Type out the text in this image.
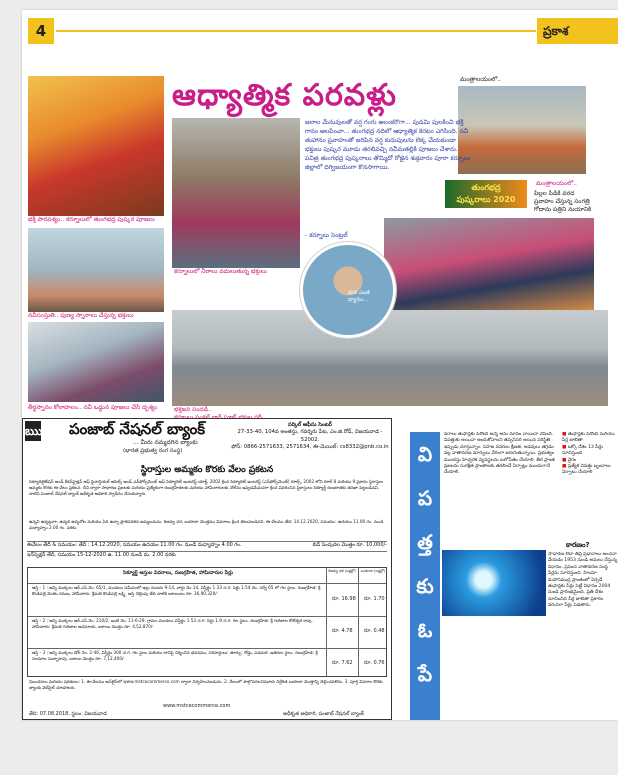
4	ప్రకాశ
భక్తి పారవశ్యం.. కర్నూలులో తుంగభద్ర పుష్కర పూజలు
మంత్రాలయంలో..
తుంగభద్ర
పుష్కరాలు 2020
మంత్రాలయంలో..
పిల్లల పిడికి వరద
ప్రవాహం చేస్తున్న సంగత్రి
గోదాను పత్రిని నుయానికి
నవీసంస్తుతి.. పుణ్య స్నానాలు చేస్తున్న భక్తులు
కర్నూలులో నీరాలు వదులుతున్న భక్తులు
తీర్థస్నానం కోలాహలం.. నవీ ఒడ్డున పూజలు చేసే దృశ్యం	భక్తజన సందడి..
ఆధ్యాత్మిక పరవళ్లు
జలాల మేనువులతో వర్ష గంగు అలంకరొగా... పుడమి పులకించి భక్తి గానం అలపించా... తుంగభద్ర నదిలో ఆధ్యాత్మిక కెరటం ఎగిసింది. నవీ తుహానం ప్రవాహంతో జరిపిన వర్ష కుదుపులను లెక్క చేయకుండా భక్తులు పుష్కర మూడు తరలివచ్చి నవీమతల్లికి పూజలు చేశారు. పవిత్ర తుంగభద్ర పుష్కరాలు తొమ్మిదో రోజైన శుక్రవారం పూరా కర్నూలు జిల్లాలో దిగ్విజయంగా కొనసాగాయి.
- కర్నూలు సెంట్రల్
మరి ఎంత
ధ్యానం...
ఋ పంజాబ్ నేషనల్ బ్యాంక్
... మీరు నమ్మదగిన బ్యాంకు
(భారత ప్రభుత్వ రంగ సంస్థ)
సర్కిల్ ఆఫీసు సెంటర్
27-33-40, 104వ అంతస్తు, గవర్నరు పేట, ఎం.జి.రోడ్, విజయవాడ - 52002.
ఫోన్: 0866-2571633, 2571634, ఈ-మెయిల్: cs8332@pnb.co.in
స్థిరాస్తుల అమ్మకం కొరకు వేలం ప్రకటన
సెక్యూరిటైజేషన్ అండ్ రీకన్‌స్ట్రక్షన్ ఆఫ్ ఫైనాన్షియల్ అసెట్స్ అండ్ ఎన్‌ఫోర్స్‌మెంట్ ఆఫ్ సెక్యూరిటీ ఇంటరెస్ట్ యాక్ట్, 2002 క్రింద సెక్యూరిటీ ఇంటరెస్ట్ (ఎన్‌ఫోర్స్‌మెంట్) రూల్స్, 2002 లోని రూల్ 8 మరియు 9 ప్రకారం స్థిరాస్తుల అమ్మకం కొరకు ఈ-వేలం ప్రకటన. దీని ద్వారా సాధారణ ప్రజలకు మరియు ప్రత్యేకంగా రుణగ్రహీతలకు మరియు హామీదారులకు నోటీసు ఇవ్వడమేమనగా క్రింద వివరించిన స్థిరాస్తులు సెక్యూర్డ్ రుణదాతకు తనఖా పెట్టబడినవి, వాటిని పంజాబ్ నేషనల్ బ్యాంక్ అధీకృత అధికారి స్వాధీనం చేసుకున్నారు.
ఉన్నవి ఉన్నట్లుగా, ఉన్నది ఉన్నచోట మరియు ఏది ఉన్నా ప్రాతిపదికన అమ్మబడును. రిజర్వు ధర, బయానా మొత్తము వివరాలు క్రింద తెలుపబడినవి. ఈ-వేలము తేది: 14.12.2020, సమయం: ఉదయం 11.00 గం. నుండి మధ్యాహ్నం 2.00 గం. వరకు.
ఈవేలం తేదీ & సమయం: తేదీ : 14.12.2020, సమయం ఉదయం 11.00 గం. నుండి మధ్యాహ్నం 4.00 గం.	బిడ్ పెంపుదల మొత్తం రూ. 10,000/-
ఇన్‌స్పెక్షన్ తేదీ, సమయం 15-12-2020 ఉ. 11.00 నుండి మ. 2.00 వరకు
సెక్యూర్డ్ ఆస్తుల వివరాలు, రుణగ్రహీత, హామీదారుల పేర్లు	రిజర్వు ధర (లక్షల్లో) బయానా (లక్షల్లో)
ఆస్తి - 1 : అన్ని ముక్కలు ఆర్.ఎస్.నెం. 65/1, మండలం సమీపంలో ఇల్లు నంబరు 9-14, వార్డు నెం.14, విస్తీర్ణం 1.33 చ.గ. పెర్టు 1.54 నెం. సర్వే 65 లో గల స్థలం. రుణగ్రహీత: శ్రీ కొండిపల్లి వెంకట రమణ, హామీదారు: శ్రీమతి కొండిపల్లి లక్ష్మి. ఆస్తి చెల్లింపు తేది నాటికి బకాయిలు రూ. 36,90,320/-
రూ. 16.98 రూ. 1.70
ఆస్తి - 2 : అన్ని ముక్కలు ఆర్.ఎస్.నెం. 210/2, ఇంటి నెం. 11-6-29, గ్రామం మండలం విస్తీర్ణం 1.53 చ.గ. పెర్టు 1.9 చ.గ. గల స్థలం. రుణగ్రహీత: శ్రీ గురిజాల కోటేశ్వర రావు, హామీదారు: శ్రీమతి గురిజాల అనసూయ. బకాయి మొత్తం రూ. 4,52,870/-
రూ. 4.78 రూ. 0.48
ఆస్తి - 3 : అన్ని ముక్కలు డోర్ నెం. 2-46, విస్తీర్ణం 300 చ.గ. గల స్థలం మరియు దానిపై నిర్మించిన భవనము, సరిహద్దులు: తూర్పు: రోడ్డు, పడమర: ఇతరుల స్థలం. రుణగ్రహీత: శ్రీ నలమాల సుబ్బారావు. బకాయి మొత్తం రూ. 7,12,400/-
రూ. 7.62 రూ. 0.76
నిబంధనలు మరియు షరతులు: 1. ఈ-వేలము ఆన్‌లైన్‌లో www.mstcecommerce.com ద్వారా నిర్వహించబడును. 2. వేలంలో పాల్గొనదలచినవారు నిర్దేశిత బయానా మొత్తాన్ని చెల్లించవలెను. 3. పూర్తి వివరాల కొరకు బ్యాంకు వెబ్‌సైట్ చూడగలరు.
www.mstcecommerce.com
తేది: 07.08.2018, స్థలం: విజయవాడ	అధీకృత అధికారి, పంజాబ్ నేషనల్ బ్యాంక్
వి
ప
త్త
కు
ఓ
పే
వరాలు తుఫాన్లకు పేరొంది అన్నే అను మానం వాయిదా వేసింది. విపత్తుకు అయినా అందుకోవాలని తప్పనిసరి అయిన పరిస్థితి ఇప్పుడు చూస్తున్నాం. సహజ వనరుల క్షీణత, అడవులు తగ్గడం వల్ల వాతావరణ మార్పులు వేగంగా జరుగుతున్నాయి. ప్రభుత్వం ముందస్తు హెచ్చరిక వ్యవస్థలను బలోపేతం చేయాలి. తీర ప్రాంత ప్రజలను సురక్షిత ప్రాంతాలకు తరలించే ఏర్పాట్లు ముందుగానే చేయాలి.
■ తుఫాన్లకు పేరొంది మరియు పేర్ల జాబితా
■ ఒక్కో దేశం 13 పేర్లు సూచిస్తుంది
■ వైరం
■ ప్రత్యేక విపత్తు బృందాలు ఏర్పాటు చేయాలి
సాధారణ లేదా తీవ్ర ప్రభావాలు అంచనా వేయడం 1953 నుండి అమలు చేస్తున్న విధానం. ప్రపంచ వాతావరణ సంస్థ పేర్లను సూచిస్తుంది. హిందూ మహాసముద్ర ప్రాంతంలో ఏర్పడే తుఫాన్లకు పేర్లు పెట్టే విధానం 2004 నుండి ప్రారంభమైంది. ప్రతి దేశం సూచించిన పేర్ల జాబితా ప్రకారం వరుసగా పేర్లు పెడతారు.
కారణం?
